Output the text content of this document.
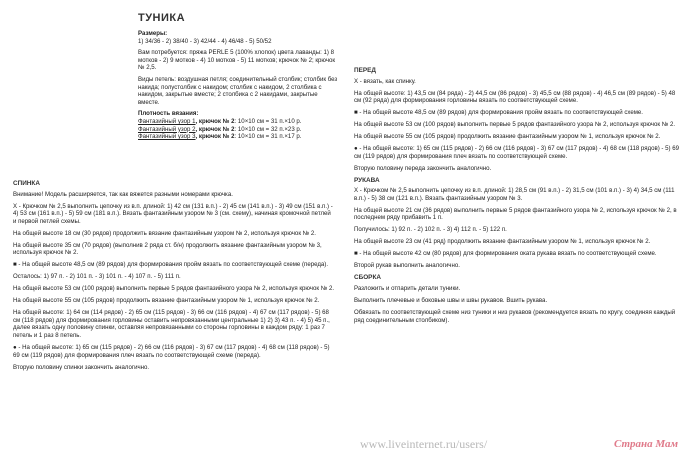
ТУНИКА

Размеры:
1) 34/36 - 2) 38/40 - 3) 42/44 - 4) 46/48 - 5) 50/52

Вам потребуется: пряжа PERLE 5 (100% хлопок) цвета лаванды: 1) 8 мотков - 2) 9 мотков - 4) 10 мотков - 5) 11 мотков; крючок № 2; крючок № 2,5.

Виды петель: воздушная петля; соединительный столбик; столбик без накида; полустолбик с накидом; столбик с накидом, 2 столбика с накидом, закрытые вместе; 2 столбика с 2 накидами, закрытые вместе.

Плотность вязания:
Фантазийный узор 1, крючок № 2: 10×10 см = 31 п.×10 р.
Фантазийный узор 2, крючок № 2: 10×10 см = 32 п.×23 р.
Фантазийный узор 3, крючок № 2: 10×10 см = 31 п.×17 р.

СПИНКА

Внимание! Модель расширяется, так как вяжется разными номерами крючка.

Х - Крючком № 2,5 выполнить цепочку из в.п. длиной: 1) 42 см (131 в.п.) - 2) 45 см (141 в.п.) - 3) 49 см (151 в.п.) - 4) 53 см (161 в.п.) - 5) 59 см (181 в.п.). Вязать фантазийным узором № 3 (см. схему), начиная кромочной петлей и первой петлей схемы.

На общей высоте 18 см (30 рядов) продолжить вязание фантазийным узором № 2, используя крючок № 2.

На общей высоте 35 см (70 рядов) (выполнив 2 ряда ст. б/н) продолжить вязание фантазийным узором № 3, используя крючок № 2.

■ - На общей высоте 48,5 см (89 рядов) для формирования пройм вязать по соответствующей схеме (переда).

Осталось: 1) 97 п. - 2) 101 п. - 3) 101 п. - 4) 107 п. - 5) 111 п.

На общей высоте 53 см (100 рядов) выполнить первые 5 рядов фантазийного узора № 2, используя крючок № 2.

На общей высоте 55 см (105 рядов) продолжить вязание фантазийным узором № 1, используя крючок № 2.

На общей высоте: 1) 64 см (114 рядов) - 2) 65 см (115 рядов) - 3) 66 см (116 рядов) - 4) 67 см (117 рядов) - 5) 68 см (118 рядов) для формирования горловины оставить непровязанными центральные 1) 2) 3) 43 п. - 4) 5) 45 п., далее вязать одну половину спинки, оставляя непровязанными со стороны горловины в каждом ряду: 1 раз 7 петель и 1 раз 8 петель.

● - На общей высоте: 1) 65 см (115 рядов) - 2) 66 см (116 рядов) - 3) 67 см (117 рядов) - 4) 68 см (118 рядов) - 5) 69 см (119 рядов) для формирования плеч вязать по соответствующей схеме (переда).

Вторую половину спинки закончить аналогично.

ПЕРЕД

Х - вязать, как спинку.

На общей высоте: 1) 43,5 см (84 ряда) - 2) 44,5 см (86 рядов) - 3) 45,5 см (88 рядов) - 4) 46,5 см (89 рядов) - 5) 48 см (92 ряда) для формирования горловины вязать по соответствующей схеме.

■ - На общей высоте 48,5 см (89 рядов) для формирования пройм вязать по соответствующей схеме.

На общей высоте 53 см (100 рядов) выполнить первые 5 рядов фантазийного узора № 2, используя крючок № 2.

На общей высоте 55 см (105 рядов) продолжить вязание фантазийным узором № 1, используя крючок № 2.

● - На общей высоте: 1) 65 см (115 рядов) - 2) 66 см (116 рядов) - 3) 67 см (117 рядов) - 4) 68 см (118 рядов) - 5) 69 см (119 рядов) для формирования плеч вязать по соответствующей схеме.

Вторую половину переда закончить аналогично.

РУКАВА

Х - Крючком № 2,5 выполнить цепочку из в.п. длиной: 1) 28,5 см (91 в.п.) - 2) 31,5 см (101 в.п.) - 3) 4) 34,5 см (111 в.п.) - 5) 38 см (121 в.п.). Вязать фантазийным узором № 3.

На общей высоте 21 см (36 рядов) выполнить первые 5 рядов фантазийного узора № 2, используя крючок № 2, в последнем ряду прибавить 1 п.

Получилось: 1) 92 п. - 2) 102 п. - 3) 4) 112 п. - 5) 122 п.

На общей высоте 23 см (41 ряд) продолжить вязание фантазийным узором № 1, используя крючок № 2.

■ - На общей высоте 42 см (80 рядов) для формирования оката рукава вязать по соответствующей схеме.

Второй рукав выполнить аналогично.

СБОРКА

Разложить и отпарить детали туники.

Выполнить плечевые и боковые швы и швы рукавов. Вшить рукава.

Обвязать по соответствующей схеме низ туники и низ рукавов (рекомендуется вязать по кругу, соединяя каждый ряд соединительным столбиком).

www.liveinternet.ru/users/	Страна Мам
